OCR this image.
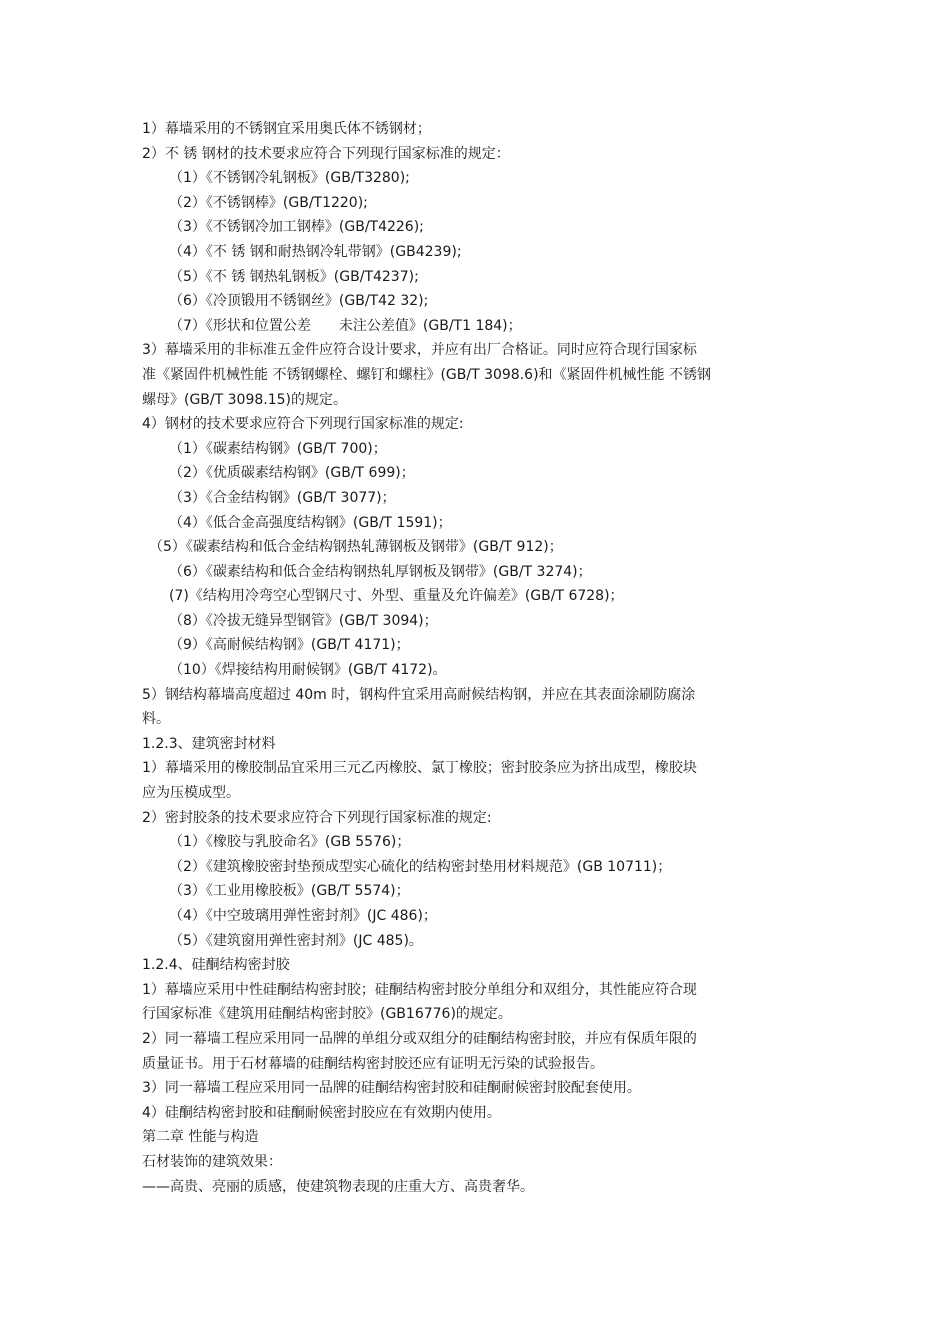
1）幕墙采用的不锈钢宜采用奥氏体不锈钢材；
2）不 锈 钢材的技术要求应符合下列现行国家标准的规定：
（1）《不锈钢冷轧钢板》(GB/T3280);
（2）《不锈钢棒》(GB/T1220);
（3）《不锈钢冷加工钢棒》(GB/T4226);
（4）《不 锈 钢和耐热钢冷轧带钢》(GB4239);
（5）《不 锈 钢热轧钢板》(GB/T4237);
（6）《冷顶锻用不锈钢丝》(GB/T42 32);
（7）《形状和位置公差　　未注公差值》(GB/T1 184)；
3）幕墙采用的非标准五金件应符合设计要求，并应有出厂合格证。同时应符合现行国家标
准《紧固件机械性能 不锈钢螺栓、螺钉和螺柱》(GB/T 3098.6)和《紧固件机械性能 不锈钢
螺母》(GB/T 3098.15)的规定。
4）钢材的技术要求应符合下列现行国家标准的规定:
（1）《碳素结构钢》(GB/T 700)；
（2）《优质碳素结构钢》(GB/T 699)；
（3）《合金结构钢》(GB/T 3077)；
（4）《低合金高强度结构钢》(GB/T 1591)；
（5）《碳素结构和低合金结构钢热轧薄钢板及钢带》(GB/T 912)；
（6）《碳素结构和低合金结构钢热轧厚钢板及钢带》(GB/T 3274)；
(7)《结构用冷弯空心型钢尺寸、外型、重量及允许偏差》(GB/T 6728)；
（8）《冷拔无缝异型钢管》(GB/T 3094)；
（9）《高耐候结构钢》(GB/T 4171)；
（10）《焊接结构用耐候钢》(GB/T 4172)。
5）钢结构幕墙高度超过 40m 时，钢构件宜采用高耐候结构钢，并应在其表面涂刷防腐涂
料。
1.2.3、建筑密封材料
1）幕墙采用的橡胶制品宜采用三元乙丙橡胶、氯丁橡胶；密封胶条应为挤出成型，橡胶块
应为压模成型。
2）密封胶条的技术要求应符合下列现行国家标准的规定:
（1）《橡胶与乳胶命名》(GB 5576)；
（2）《建筑橡胶密封垫预成型实心硫化的结构密封垫用材料规范》(GB 10711)；
（3）《工业用橡胶板》(GB/T 5574)；
（4）《中空玻璃用弹性密封剂》(JC 486)；
（5）《建筑窗用弹性密封剂》(JC 485)。
1.2.4、硅酮结构密封胶
1）幕墙应采用中性硅酮结构密封胶；硅酮结构密封胶分单组分和双组分，其性能应符合现
行国家标准《建筑用硅酮结构密封胶》(GB16776)的规定。
2）同一幕墙工程应采用同一品牌的单组分或双组分的硅酮结构密封胶，并应有保质年限的
质量证书。用于石材幕墙的硅酮结构密封胶还应有证明无污染的试验报告。
3）同一幕墙工程应采用同一品牌的硅酮结构密封胶和硅酮耐候密封胶配套使用。
4）硅酮结构密封胶和硅酮耐候密封胶应在有效期内使用。
第二章 性能与构造
石材装饰的建筑效果：
——高贵、亮丽的质感，使建筑物表现的庄重大方、高贵奢华。
